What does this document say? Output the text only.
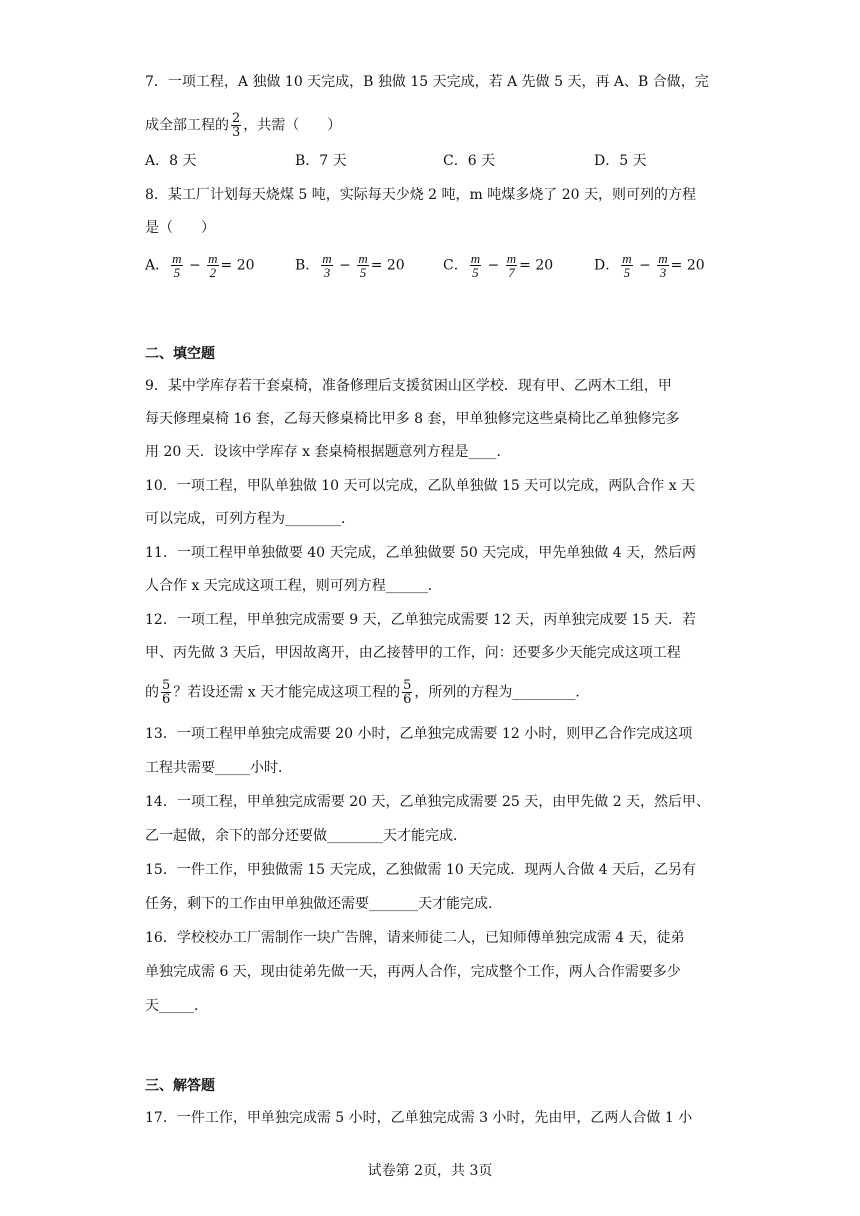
7．一项工程，A 独做 10 天完成，B 独做 15 天完成，若 A 先做 5 天，再 A、B 合做，完
成全部工程的 $\frac{2}{3}$ ，共需（　　）
A．8 天	B．7 天	C．6 天	D．5 天
8．某工厂计划每天烧煤 5 吨，实际每天少烧 2 吨，m 吨煤多烧了 20 天，则可列的方程
是（　　）
A． $\frac{m}{5} - \frac{m}{2} = 20$	B． $\frac{m}{3} - \frac{m}{5} = 20$	C． $\frac{m}{5} - \frac{m}{7} = 20$	D． $\frac{m}{5} - \frac{m}{3} = 20$
二、填空题
9．某中学库存若干套桌椅，准备修理后支援贫困山区学校．现有甲、乙两木工组，甲
每天修理桌椅 16 套，乙每天修桌椅比甲多 8 套，甲单独修完这些桌椅比乙单独修完多
用 20 天．设该中学库存 x 套桌椅根据题意列方程是____．
10．一项工程，甲队单独做 10 天可以完成，乙队单独做 15 天可以完成，两队合作 x 天
可以完成，可列方程为________．
11．一项工程甲单独做要 40 天完成，乙单独做要 50 天完成，甲先单独做 4 天，然后两
人合作 x 天完成这项工程，则可列方程______．
12．一项工程，甲单独完成需要 9 天，乙单独完成需要 12 天，丙单独完成要 15 天．若
甲、丙先做 3 天后，甲因故离开，由乙接替甲的工作，问：还要多少天能完成这项工程
的 $\frac{5}{6}$ ？若设还需 x 天才能完成这项工程的 $\frac{5}{6}$ ，所列的方程为_________．
13．一项工程甲单独完成需要 20 小时，乙单独完成需要 12 小时，则甲乙合作完成这项
工程共需要_____小时．
14．一项工程，甲单独完成需要 20 天，乙单独完成需要 25 天，由甲先做 2 天，然后甲、
乙一起做，余下的部分还要做________天才能完成．
15．一件工作，甲独做需 15 天完成，乙独做需 10 天完成．现两人合做 4 天后，乙另有
任务，剩下的工作由甲单独做还需要_______天才能完成.
16．学校校办工厂需制作一块广告牌，请来师徒二人，已知师傅单独完成需 4 天，徒弟
单独完成需 6 天，现由徒弟先做一天，再两人合作，完成整个工作，两人合作需要多少
天_____．
三、解答题
17．一件工作，甲单独完成需 5 小时，乙单独完成需 3 小时，先由甲，乙两人合做 1 小
试卷第 2页，共 3页
